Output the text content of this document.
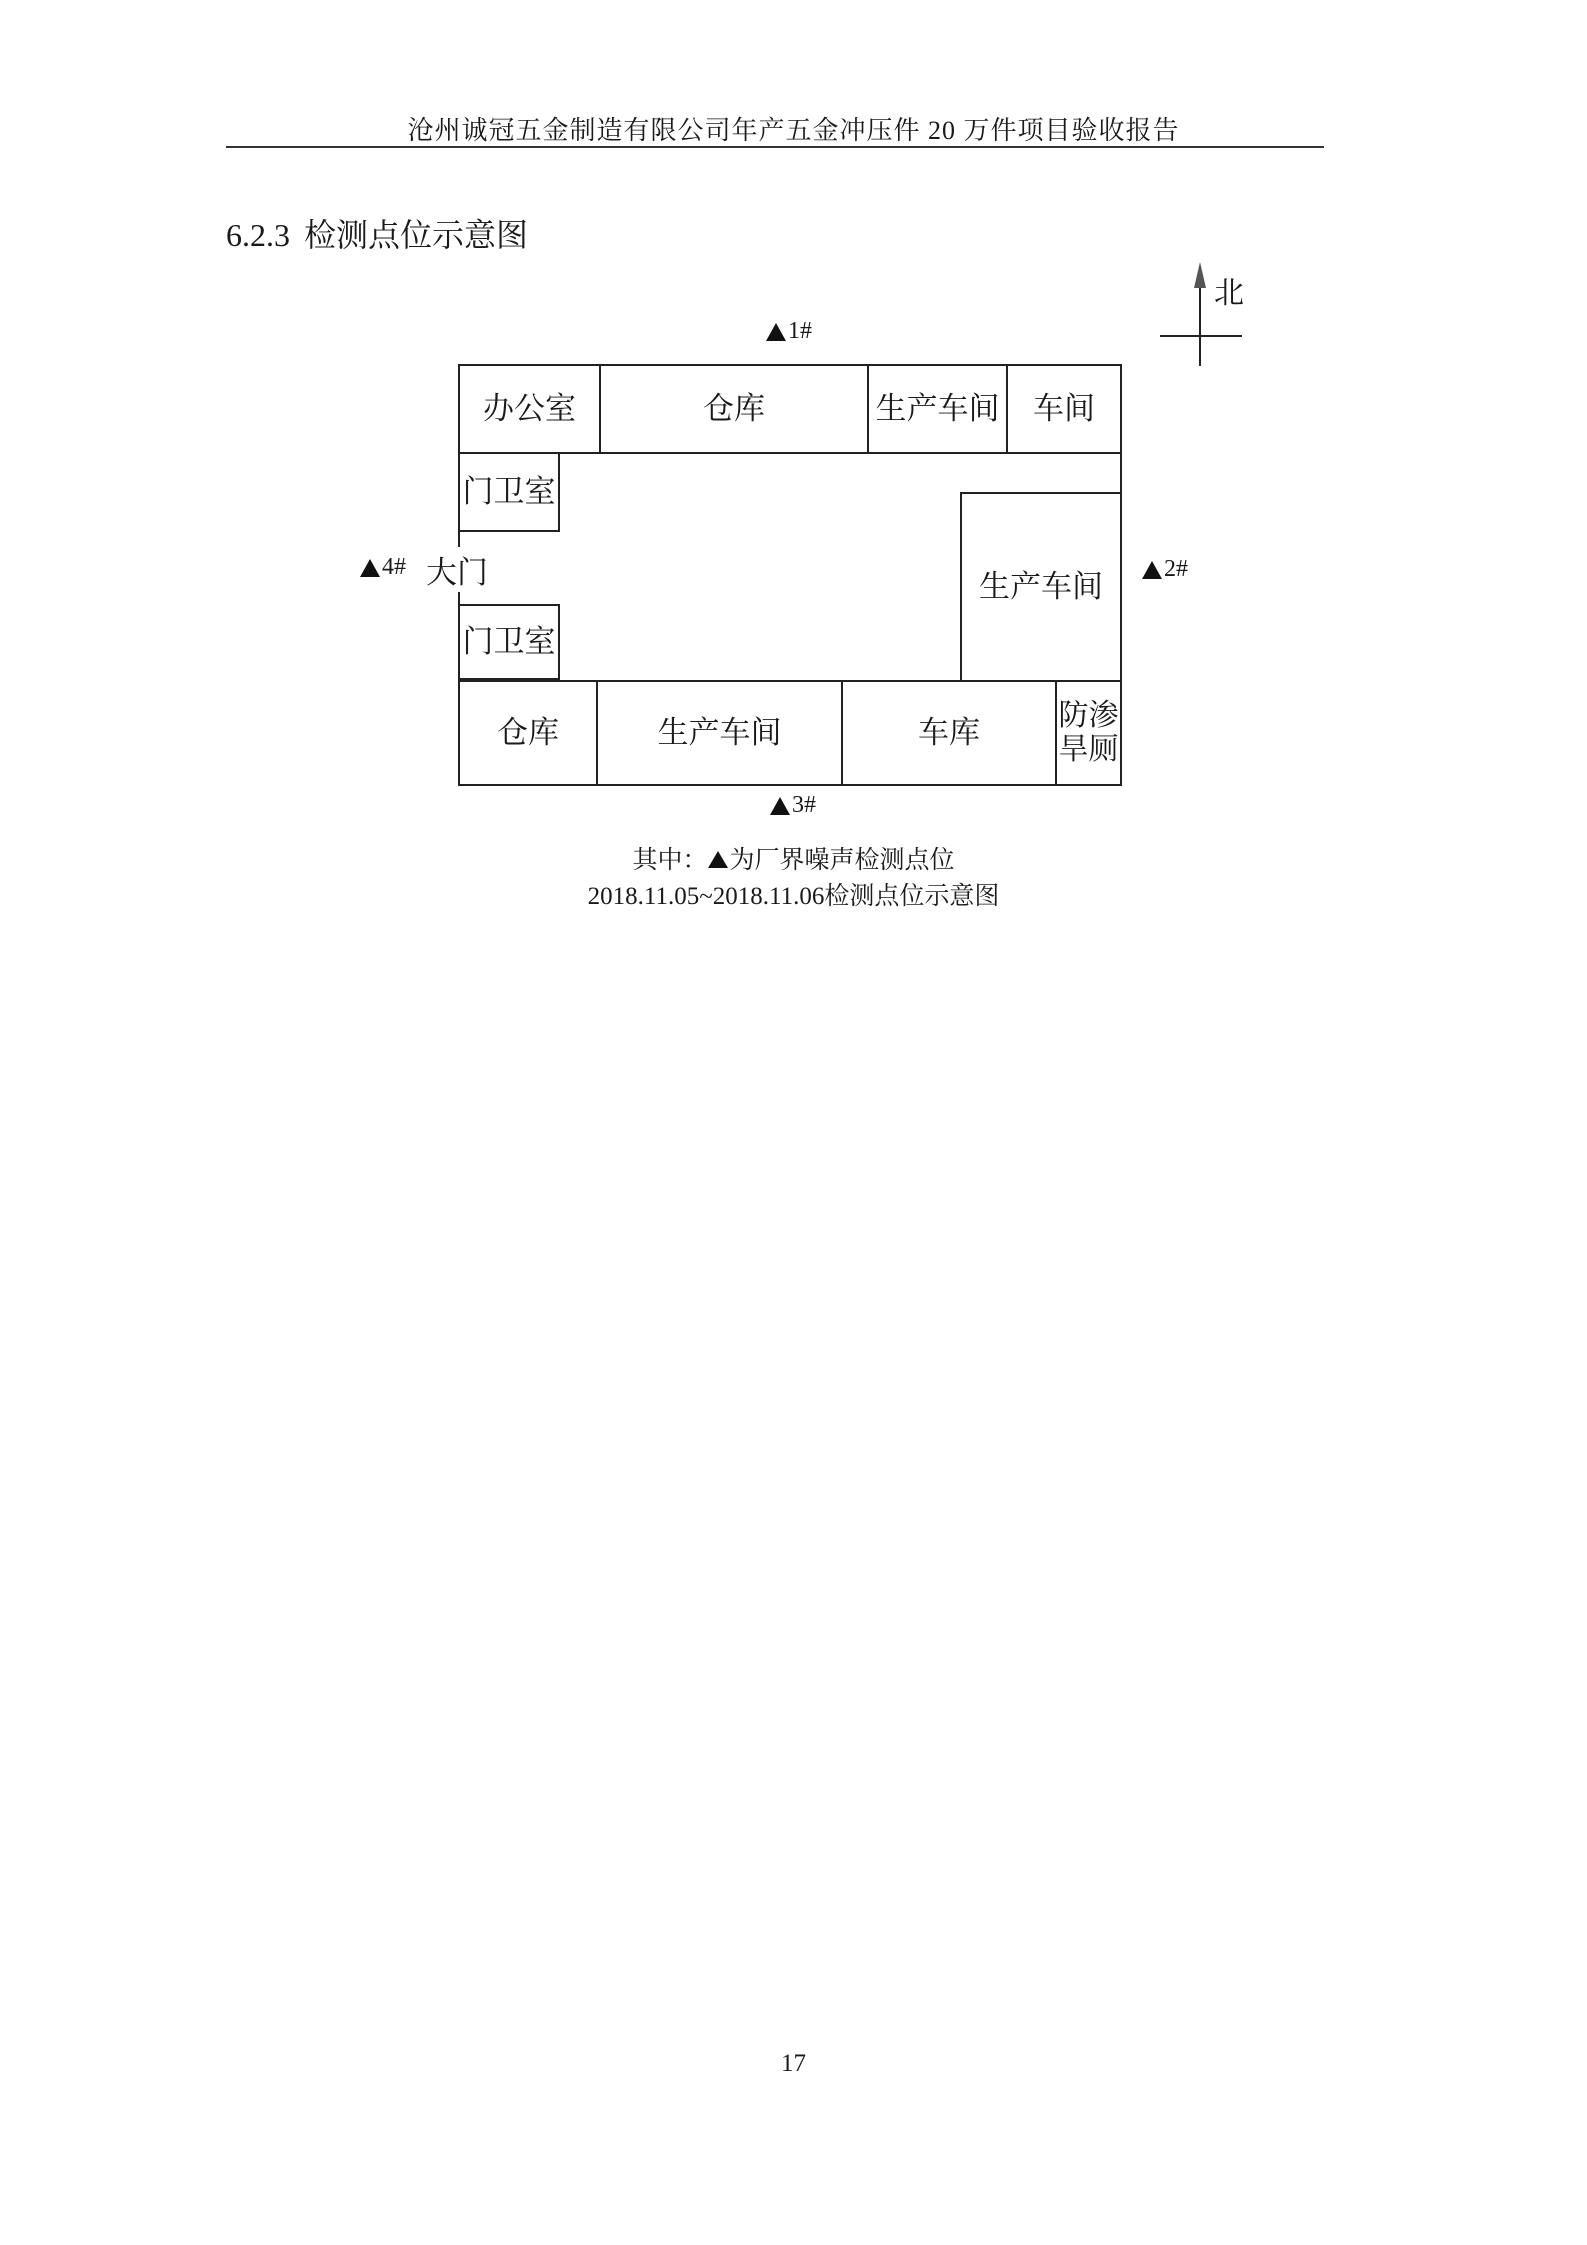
沧州诚冠五金制造有限公司年产五金冲压件 20 万件项目验收报告
6.2.3 检测点位示意图
北
1#
办公室	仓库	生产车间 车间
门卫室
门卫室
大门
4#
生产车间
2#
仓库	生产车间	车库
防渗旱厕
3#
其中： 为厂界噪声检测点位
2018.11.05~2018.11.06检测点位示意图
17
